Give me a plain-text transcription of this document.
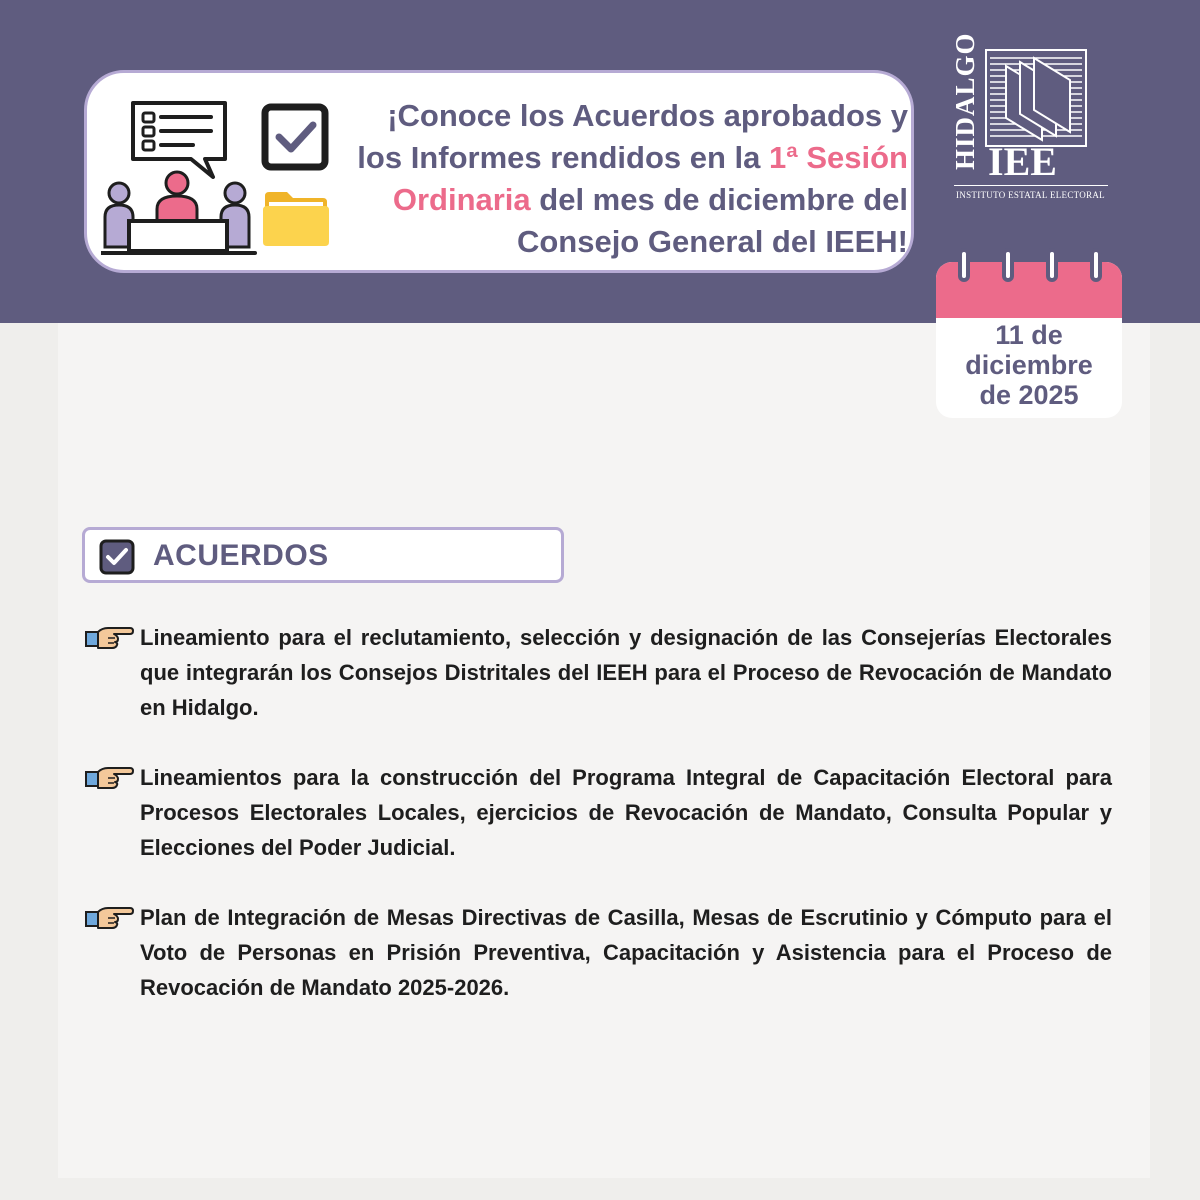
¡Conoce los Acuerdos aprobados y
los Informes rendidos en la 1ª Sesión
Ordinaria del mes de diciembre del
Consejo General del IEEH!
HIDALGO IEE
INSTITUTO ESTATAL ELECTORAL
11 de
diciembre
de 2025
ACUERDOS
Lineamiento para el reclutamiento, selección y designación de las Consejerías Electorales que integrarán los Consejos Distritales del IEEH para el Proceso de Revocación de Mandato en Hidalgo.
Lineamientos para la construcción del Programa Integral de Capacitación Electoral para Procesos Electorales Locales, ejercicios de Revocación de Mandato, Consulta Popular y Elecciones del Poder Judicial.
Plan de Integración de Mesas Directivas de Casilla, Mesas de Escrutinio y Cómputo para el Voto de Personas en Prisión Preventiva, Capacitación y Asistencia para el Proceso de Revocación de Mandato 2025-2026.
